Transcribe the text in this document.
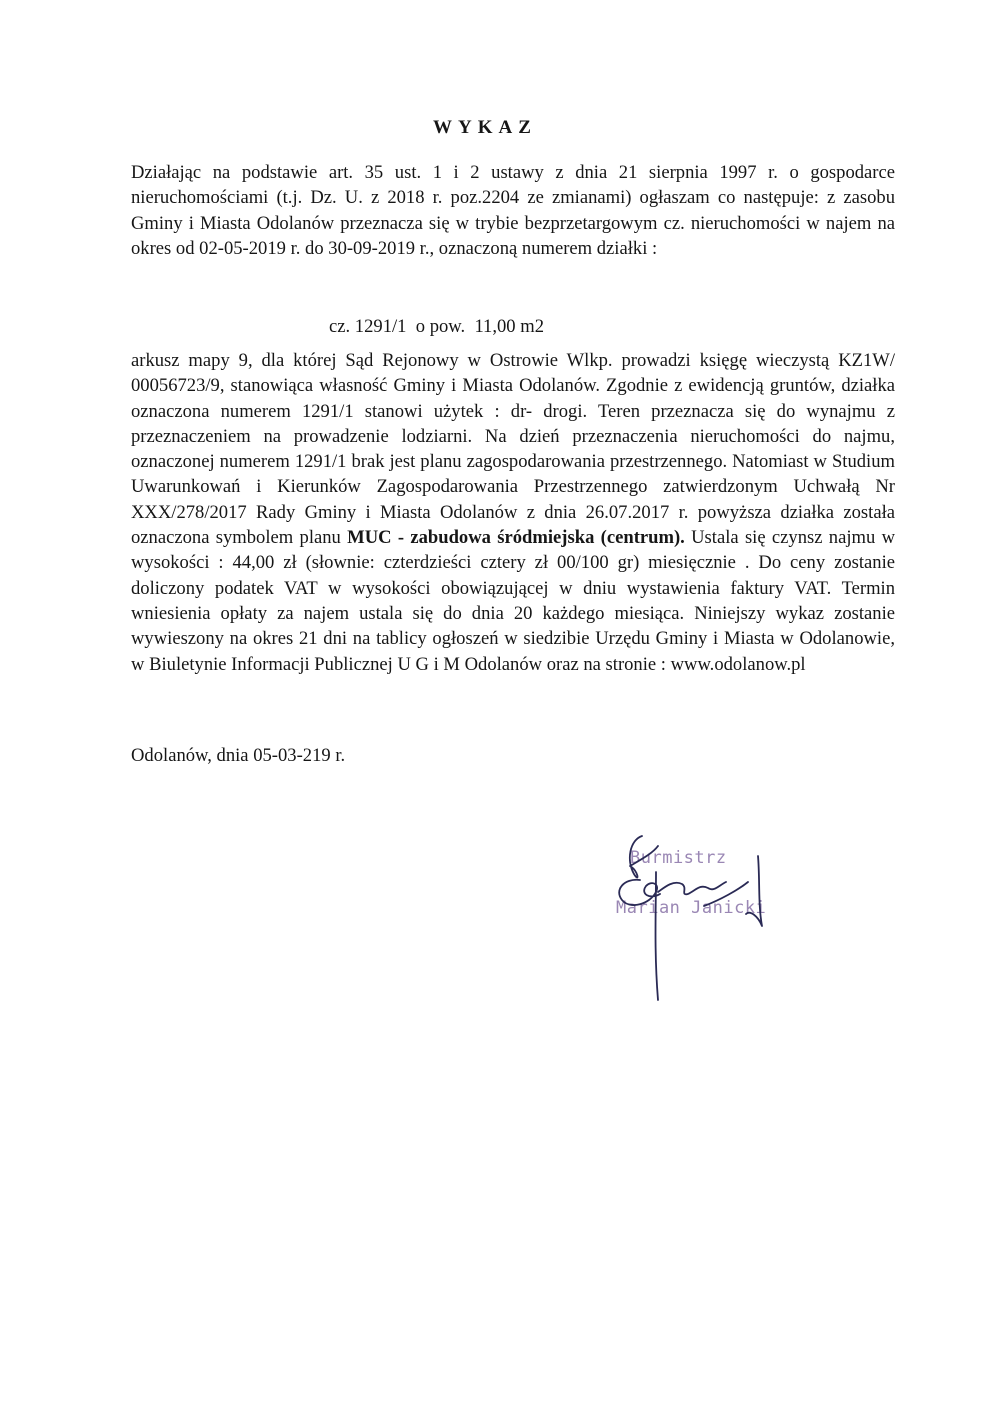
WYKAZ

Działając na podstawie art. 35 ust. 1 i 2 ustawy z dnia 21 sierpnia 1997 r. o gospodarce nieruchomościami (t.j. Dz. U. z 2018 r. poz.2204 ze zmianami) ogłaszam co następuje: z zasobu Gminy i Miasta Odolanów przeznacza się w trybie bezprzetargowym cz. nieruchomości w najem na okres od 02-05-2019 r. do 30-09-2019 r., oznaczoną numerem działki :

cz. 1291/1  o pow.  11,00 m2

arkusz mapy 9, dla której Sąd Rejonowy w Ostrowie Wlkp. prowadzi księgę wieczystą KZ1W/ 00056723/9, stanowiąca własność Gminy i Miasta Odolanów. Zgodnie z ewidencją gruntów, działka oznaczona numerem 1291/1 stanowi użytek : dr- drogi. Teren przeznacza się do wynajmu z przeznaczeniem na prowadzenie lodziarni. Na dzień przeznaczenia nieruchomości do najmu, oznaczonej numerem 1291/1 brak jest planu zagospodarowania przestrzennego. Natomiast w Studium Uwarunkowań i Kierunków Zagospodarowania Przestrzennego zatwierdzonym Uchwałą Nr XXX/278/2017 Rady Gminy i Miasta Odolanów z dnia 26.07.2017 r. powyższa działka została oznaczona symbolem planu MUC - zabudowa śródmiejska (centrum). Ustala się czynsz najmu w wysokości : 44,00 zł (słownie: czterdzieści cztery zł 00/100 gr) miesięcznie . Do ceny zostanie doliczony podatek VAT w wysokości obowiązującej w dniu wystawienia faktury VAT. Termin wniesienia opłaty za najem ustala się do dnia 20 każdego miesiąca. Niniejszy wykaz zostanie wywieszony na okres 21 dni na tablicy ogłoszeń w siedzibie Urzędu Gminy i Miasta w Odolanowie, w Biuletynie Informacji Publicznej U G i M Odolanów oraz na stronie : www.odolanow.pl

Odolanów, dnia 05-03-219 r.

Burmistrz
Marian Janicki
